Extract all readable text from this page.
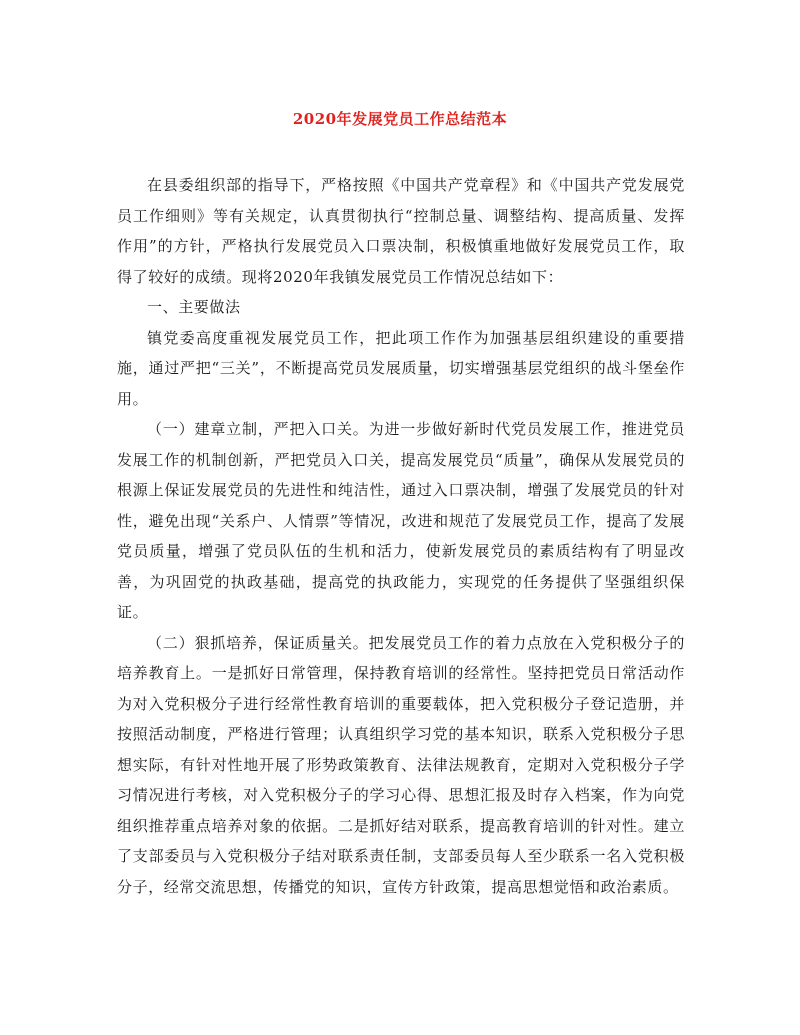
2020年发展党员工作总结范本

在县委组织部的指导下，严格按照《中国共产党章程》和《中国共产党发展党员工作细则》等有关规定，认真贯彻执行“控制总量、调整结构、提高质量、发挥作用”的方针，严格执行发展党员入口票决制，积极慎重地做好发展党员工作，取得了较好的成绩。现将2020年我镇发展党员工作情况总结如下：

一、主要做法

镇党委高度重视发展党员工作，把此项工作作为加强基层组织建设的重要措施，通过严把“三关”，不断提高党员发展质量，切实增强基层党组织的战斗堡垒作用。

（一）建章立制，严把入口关。为进一步做好新时代党员发展工作，推进党员发展工作的机制创新，严把党员入口关，提高发展党员“质量”，确保从发展党员的根源上保证发展党员的先进性和纯洁性，通过入口票决制，增强了发展党员的针对性，避免出现“关系户、人情票”等情况，改进和规范了发展党员工作，提高了发展党员质量，增强了党员队伍的生机和活力，使新发展党员的素质结构有了明显改善，为巩固党的执政基础，提高党的执政能力，实现党的任务提供了坚强组织保证。

（二）狠抓培养，保证质量关。把发展党员工作的着力点放在入党积极分子的培养教育上。一是抓好日常管理，保持教育培训的经常性。坚持把党员日常活动作为对入党积极分子进行经常性教育培训的重要载体，把入党积极分子登记造册，并按照活动制度，严格进行管理；认真组织学习党的基本知识，联系入党积极分子思想实际，有针对性地开展了形势政策教育、法律法规教育，定期对入党积极分子学习情况进行考核，对入党积极分子的学习心得、思想汇报及时存入档案，作为向党组织推荐重点培养对象的依据。二是抓好结对联系，提高教育培训的针对性。建立了支部委员与入党积极分子结对联系责任制，支部委员每人至少联系一名入党积极分子，经常交流思想，传播党的知识，宣传方针政策，提高思想觉悟和政治素质。
